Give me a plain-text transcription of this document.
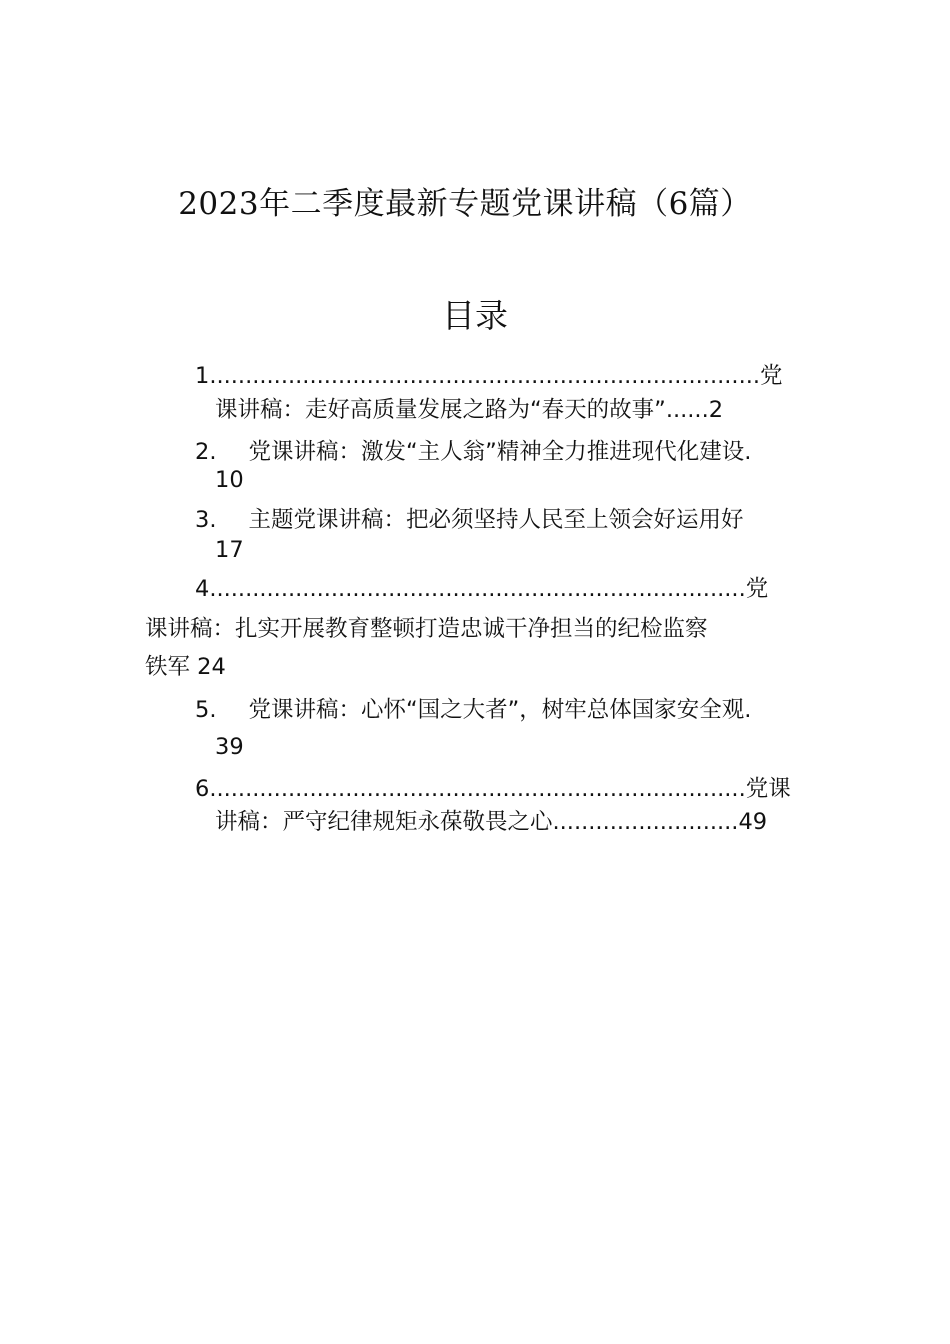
2023年二季度最新专题党课讲稿（6篇）
目录
1.............................................................................党
课讲稿：走好高质量发展之路为“春天的故事”......2
2. 党课讲稿：激发“主人翁”精神全力推进现代化建设.
10
3. 主题党课讲稿：把必须坚持人民至上领会好运用好
17
4...........................................................................党
课讲稿：扎实开展教育整顿打造忠诚干净担当的纪检监察
铁军 24
5. 党课讲稿：心怀“国之大者”，树牢总体国家安全观.
39
6...........................................................................党课
讲稿：严守纪律规矩永葆敬畏之心..........................49
